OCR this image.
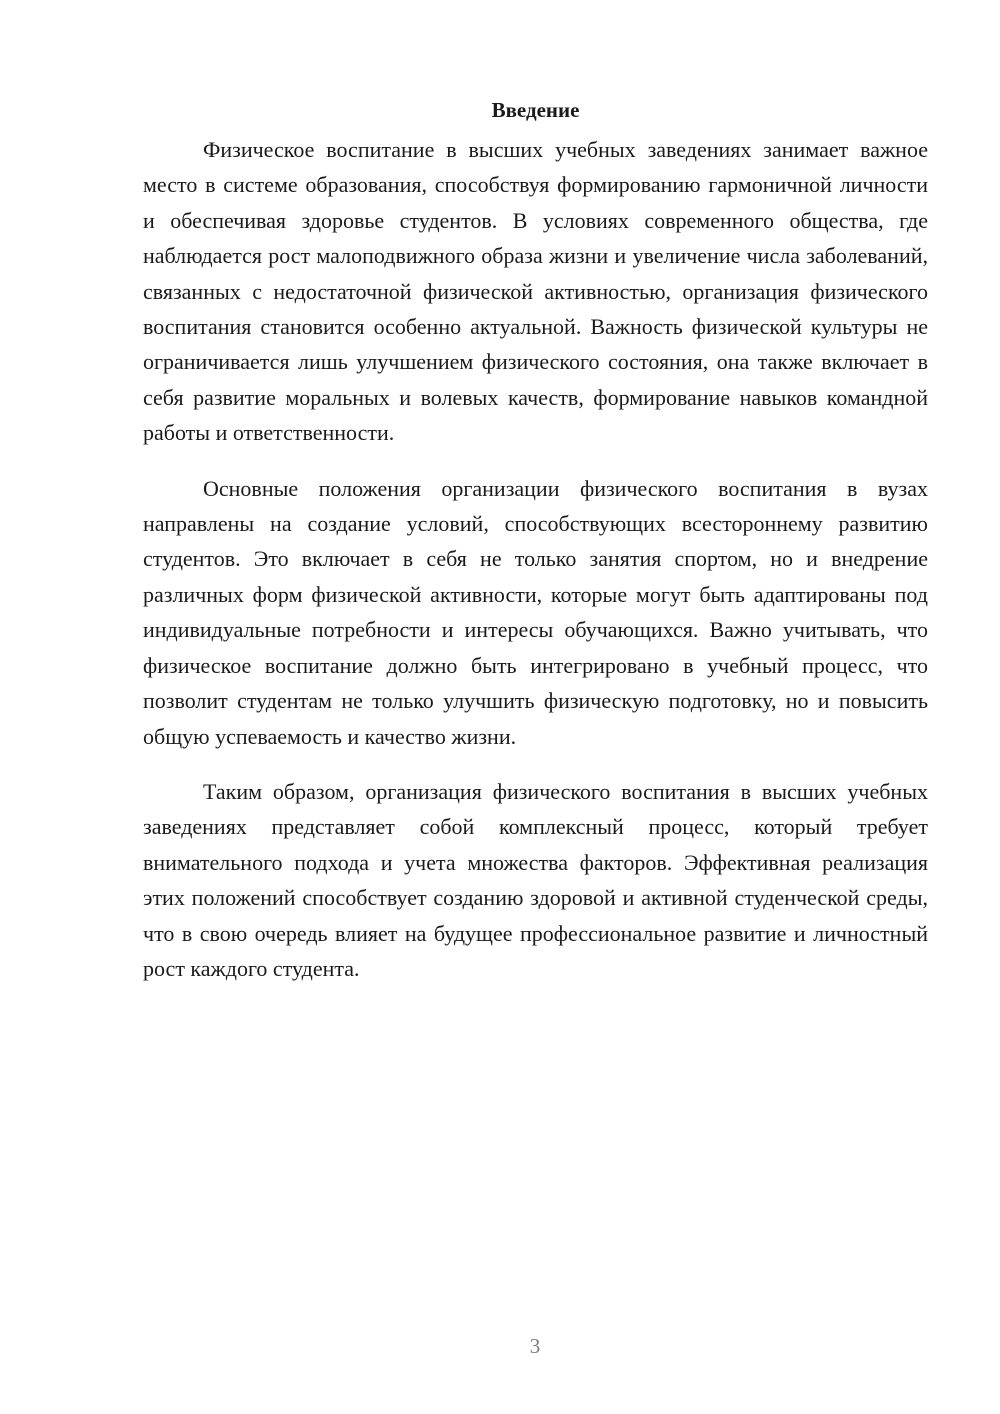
Введение

Физическое воспитание в высших учебных заведениях занимает важное место в системе образования, способствуя формированию гармоничной личности и обеспечивая здоровье студентов. В условиях современного общества, где наблюдается рост малоподвижного образа жизни и увеличение числа заболеваний, связанных с недостаточной физической активностью, организация физического воспитания становится особенно актуальной. Важность физической культуры не ограничивается лишь улучшением физического состояния, она также включает в себя развитие моральных и волевых качеств, формирование навыков командной работы и ответственности.

Основные положения организации физического воспитания в вузах направлены на создание условий, способствующих всестороннему развитию студентов. Это включает в себя не только занятия спортом, но и внедрение различных форм физической активности, которые могут быть адаптированы под индивидуальные потребности и интересы обучающихся. Важно учитывать, что физическое воспитание должно быть интегрировано в учебный процесс, что позволит студентам не только улучшить физическую подготовку, но и повысить общую успеваемость и качество жизни.

Таким образом, организация физического воспитания в высших учебных заведениях представляет собой комплексный процесс, который требует внимательного подхода и учета множества факторов. Эффективная реализация этих положений способствует созданию здоровой и активной студенческой среды, что в свою очередь влияет на будущее профессиональное развитие и личностный рост каждого студента.

3
